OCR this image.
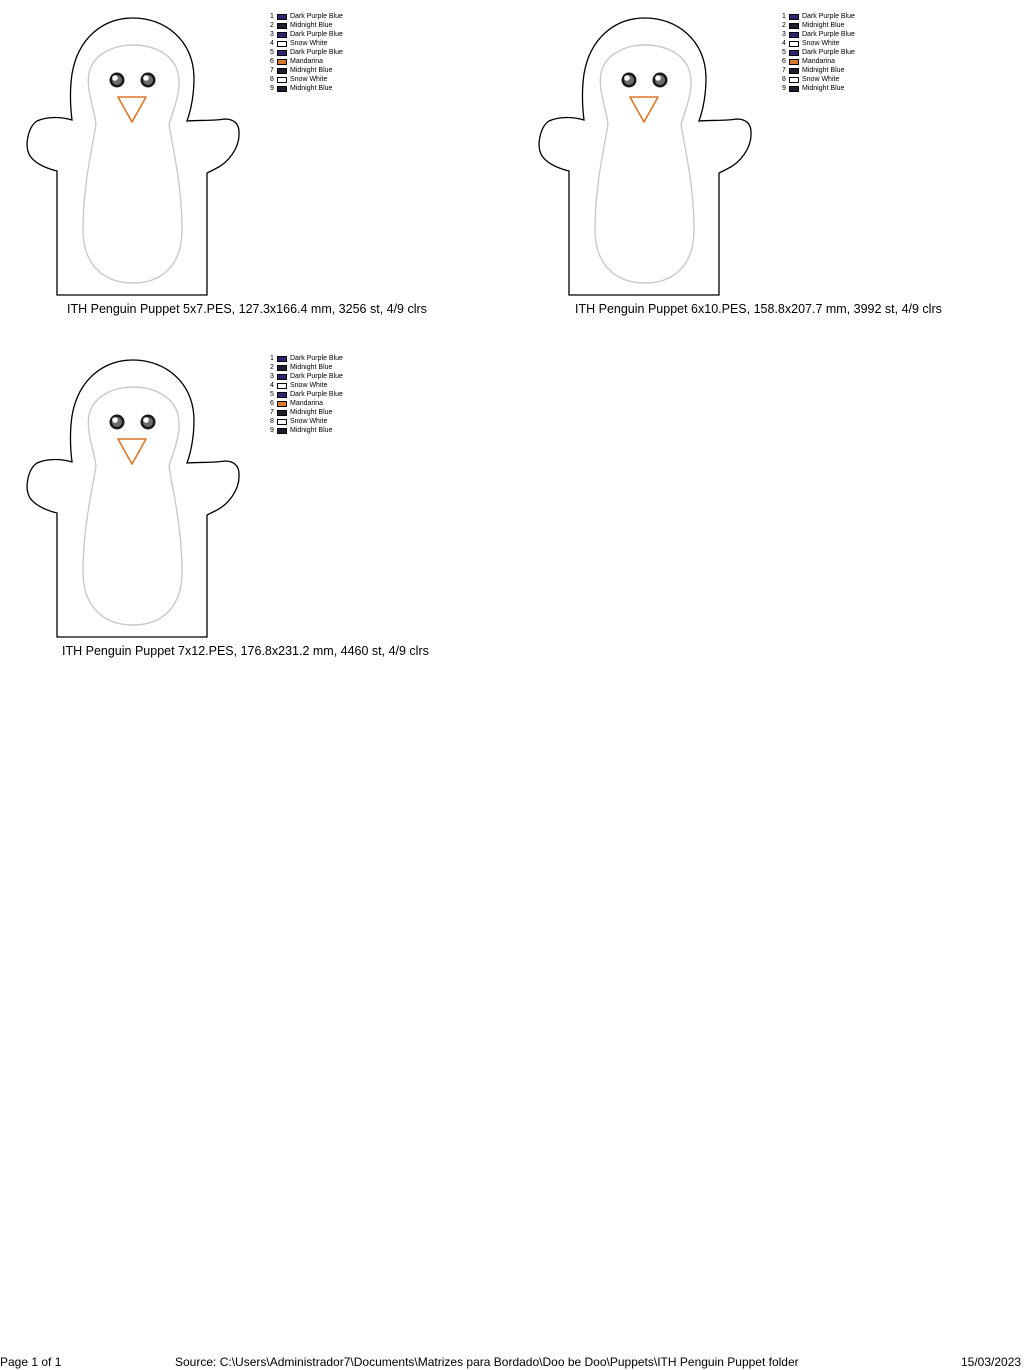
1	Dark Purple Blue
2	Midnight Blue
3	Dark Purple Blue
4	Snow White
5	Dark Purple Blue
6	Mandarina
7	Midnight Blue
8	Snow White
9	Midnight Blue
ITH Penguin Puppet 5x7.PES, 127.3x166.4 mm, 3256 st, 4/9 clrs
1	Dark Purple Blue
2	Midnight Blue
3	Dark Purple Blue
4	Snow White
5	Dark Purple Blue
6	Mandarina
7	Midnight Blue
8	Snow White
9	Midnight Blue
ITH Penguin Puppet 6x10.PES, 158.8x207.7 mm, 3992 st, 4/9 clrs
1	Dark Purple Blue
2	Midnight Blue
3	Dark Purple Blue
4	Snow White
5	Dark Purple Blue
6	Mandarina
7	Midnight Blue
8	Snow White
9	Midnight Blue
ITH Penguin Puppet 7x12.PES, 176.8x231.2 mm, 4460 st, 4/9 clrs
Page 1 of 1	Source: C:\Users\Administrador7\Documents\Matrizes para Bordado\Doo be Doo\Puppets\ITH Penguin Puppet folder	15/03/2023
